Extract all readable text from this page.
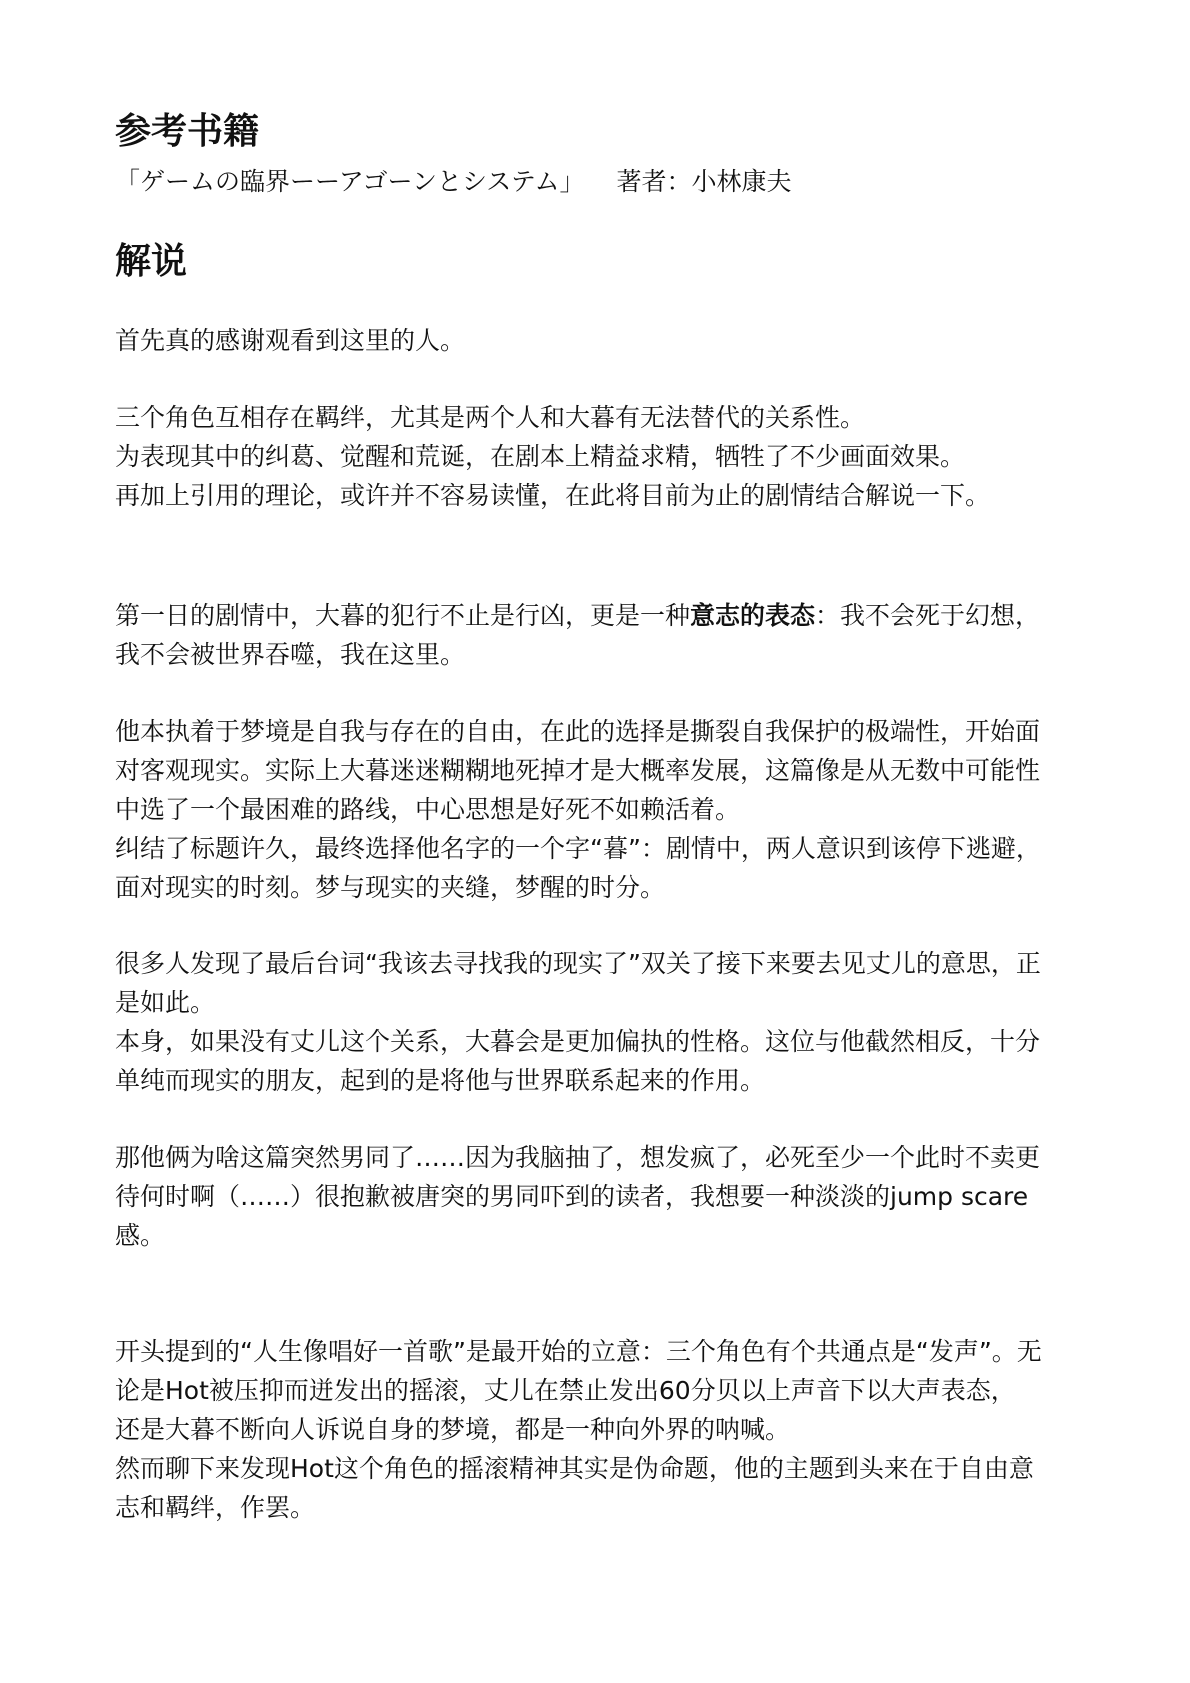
参考书籍
「ゲームの臨界ーーアゴーンとシステム」 著者：小林康夫
解说
首先真的感谢观看到这里的人。
三个角色互相存在羁绊，尤其是两个人和大暮有无法替代的关系性。
为表现其中的纠葛、觉醒和荒诞，在剧本上精益求精，牺牲了不少画面效果。
再加上引用的理论，或许并不容易读懂，在此将目前为止的剧情结合解说一下。
第一日的剧情中，大暮的犯行不止是行凶，更是一种意志的表态：我不会死于幻想，
我不会被世界吞噬，我在这里。
他本执着于梦境是自我与存在的自由，在此的选择是撕裂自我保护的极端性，开始面
对客观现实。实际上大暮迷迷糊糊地死掉才是大概率发展，这篇像是从无数中可能性
中选了一个最困难的路线，中心思想是好死不如赖活着。
纠结了标题许久，最终选择他名字的一个字“暮”：剧情中，两人意识到该停下逃避，
面对现实的时刻。梦与现实的夹缝，梦醒的时分。
很多人发现了最后台词“我该去寻找我的现实了”双关了接下来要去见丈儿的意思，正
是如此。
本身，如果没有丈儿这个关系，大暮会是更加偏执的性格。这位与他截然相反，十分
单纯而现实的朋友，起到的是将他与世界联系起来的作用。
那他俩为啥这篇突然男同了……因为我脑抽了，想发疯了，必死至少一个此时不卖更
待何时啊（……）很抱歉被唐突的男同吓到的读者，我想要一种淡淡的jump scare
感。
开头提到的“人生像唱好一首歌”是最开始的立意：三个角色有个共通点是“发声”。无
论是Hot被压抑而迸发出的摇滚，丈儿在禁止发出60分贝以上声音下以大声表态，
还是大暮不断向人诉说自身的梦境，都是一种向外界的呐喊。
然而聊下来发现Hot这个角色的摇滚精神其实是伪命题，他的主题到头来在于自由意
志和羁绊，作罢。
